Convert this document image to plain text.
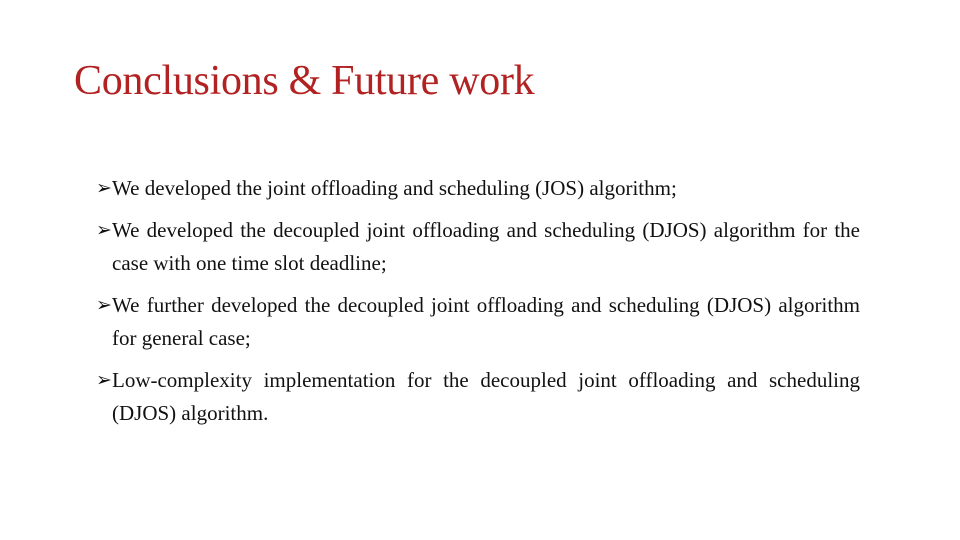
Conclusions & Future work
➢ We developed the joint offloading and scheduling (JOS) algorithm;
➢ We developed the decoupled joint offloading and scheduling (DJOS) algorithm for the case with one time slot deadline;
➢ We further developed the decoupled joint offloading and scheduling (DJOS) algorithm for general case;
➢ Low-complexity implementation for the decoupled joint offloading and scheduling (DJOS) algorithm.
